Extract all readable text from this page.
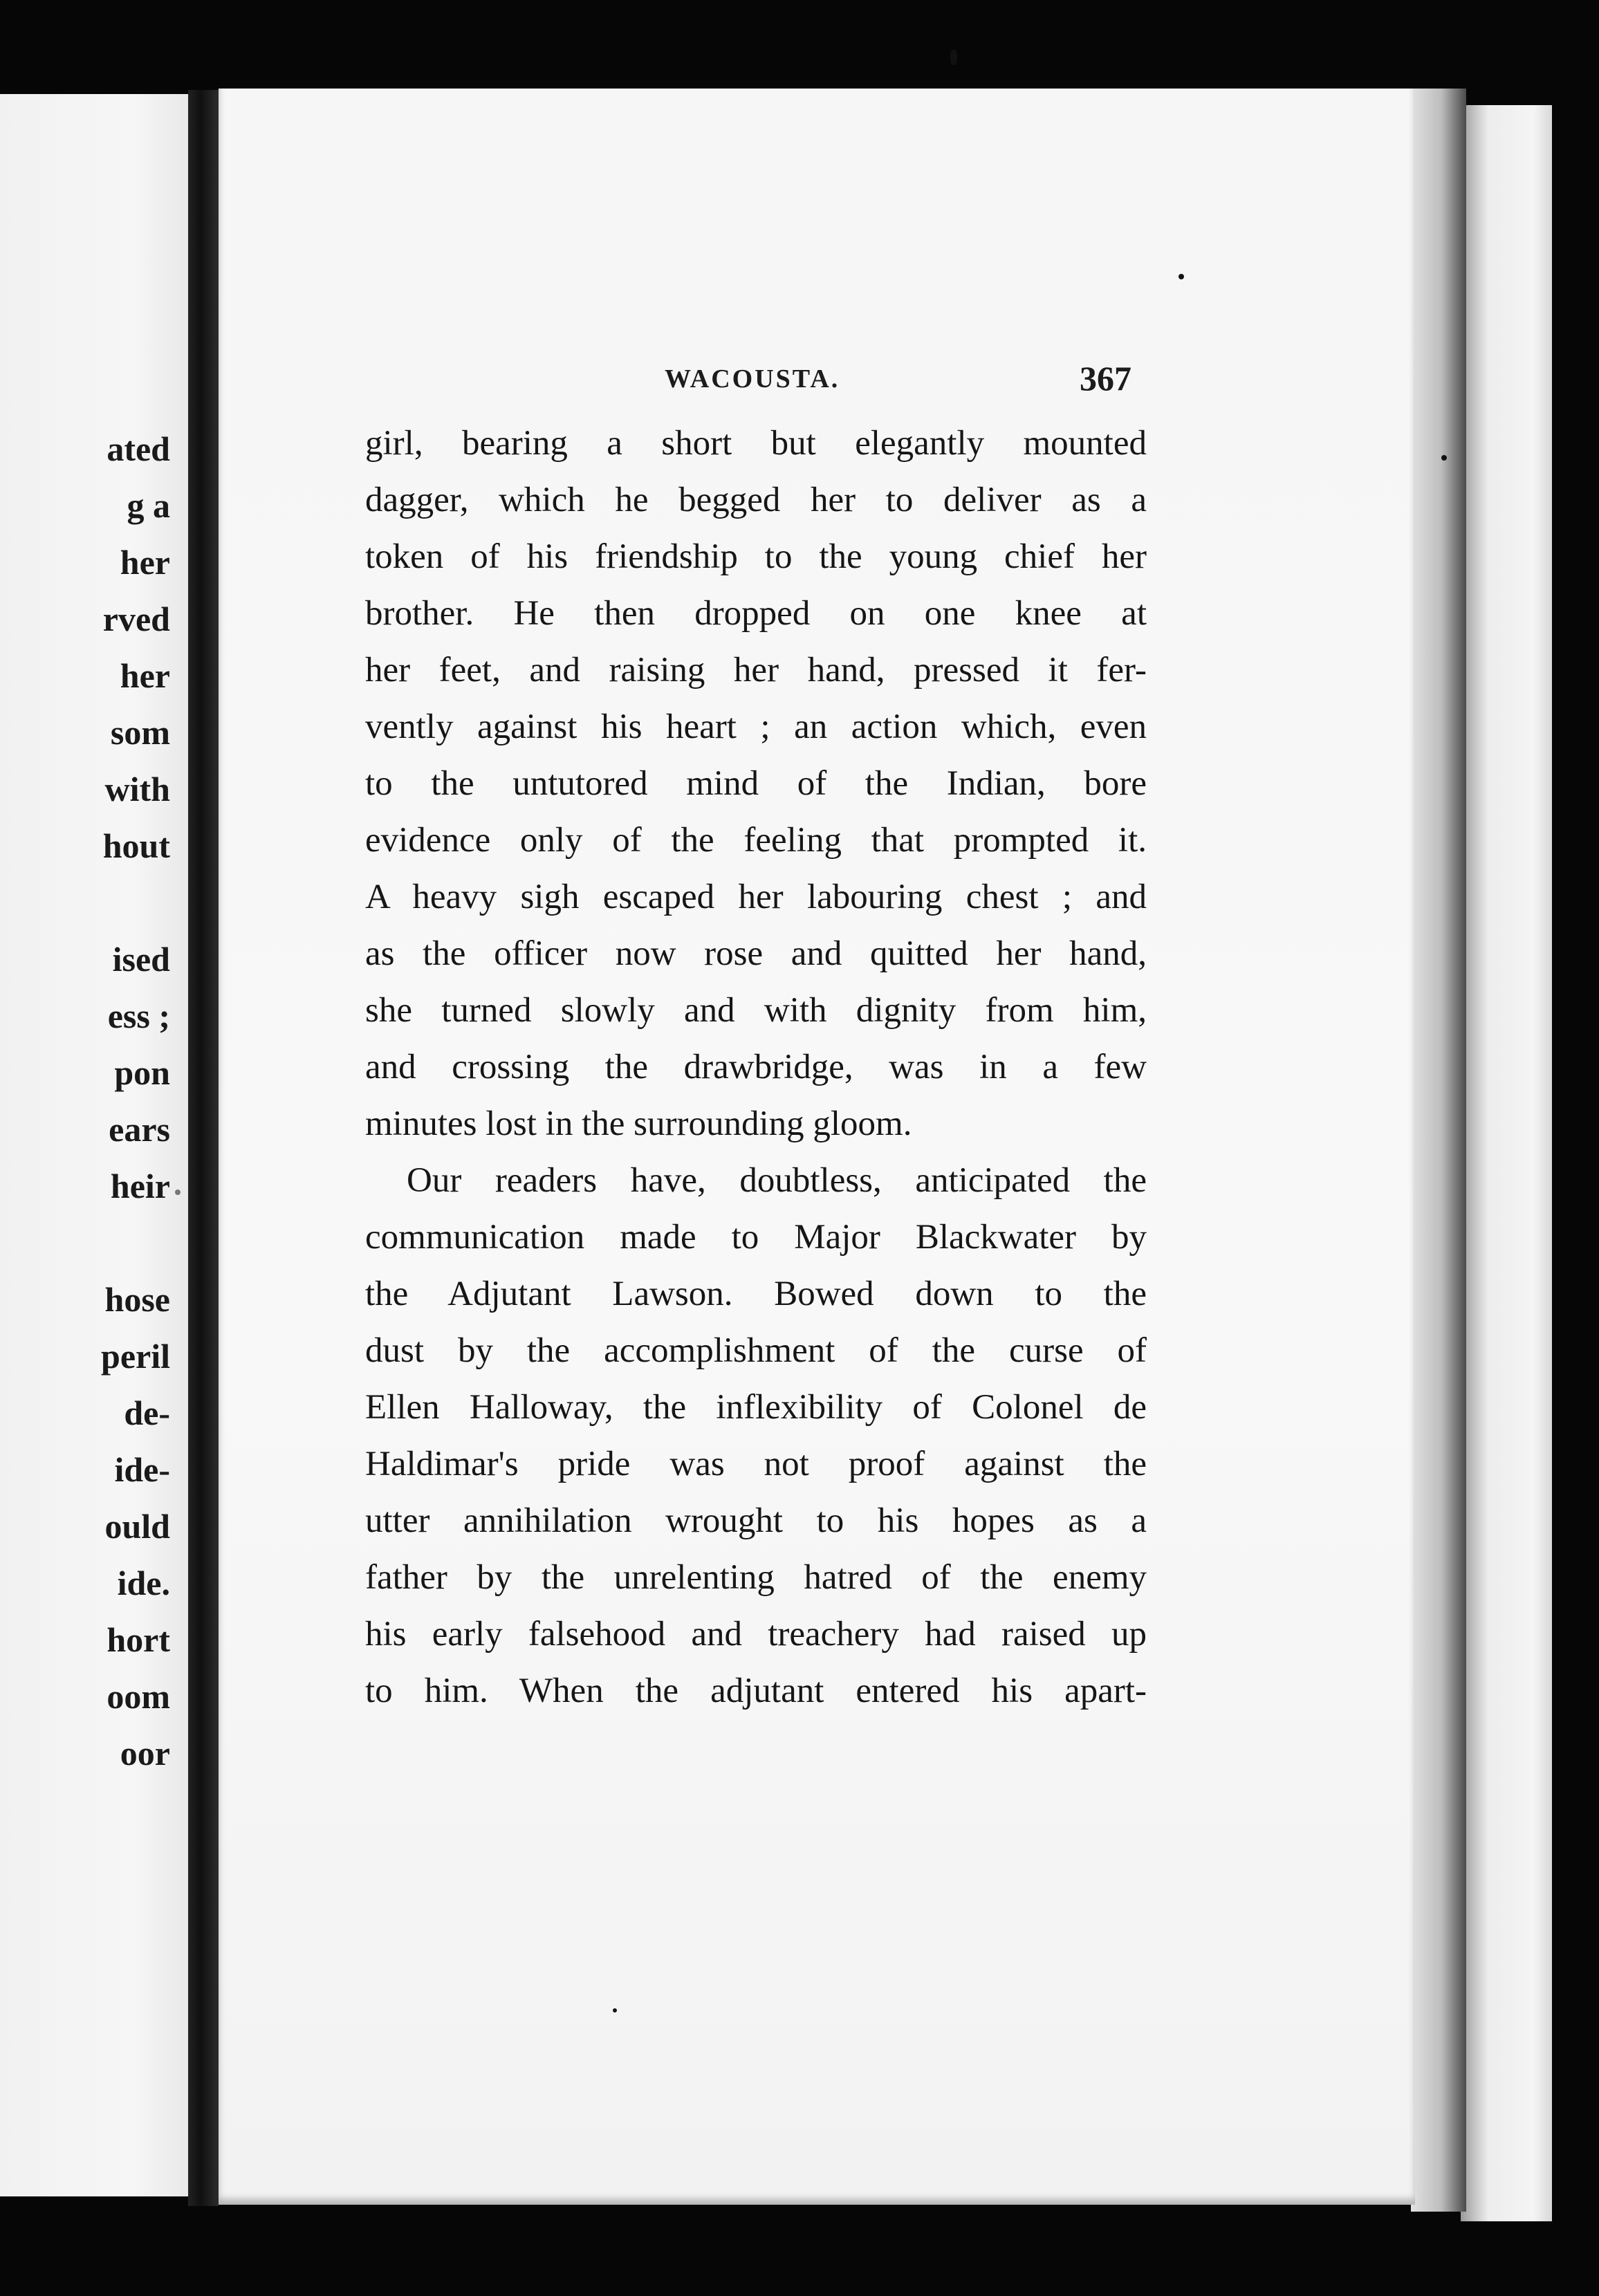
ated
g a
her
rved
her
som
with
hout
ised
ess ;
pon
ears
heir
hose
peril
de-
ide-
ould
ide.
hort
oom
oor
WACOUSTA.	367
girl, bearing a short but elegantly mounted
dagger, which he begged her to deliver as a
token of his friendship to the young chief her
brother. He then dropped on one knee at
her feet, and raising her hand, pressed it fer-
vently against his heart ; an action which, even
to the untutored mind of the Indian, bore
evidence only of the feeling that prompted it.
A heavy sigh escaped her labouring chest ; and
as the officer now rose and quitted her hand,
she turned slowly and with dignity from him,
and crossing the drawbridge, was in a few
minutes lost in the surrounding gloom.
Our readers have, doubtless, anticipated the
communication made to Major Blackwater by
the Adjutant Lawson. Bowed down to the
dust by the accomplishment of the curse of
Ellen Halloway, the inflexibility of Colonel de
Haldimar's pride was not proof against the
utter annihilation wrought to his hopes as a
father by the unrelenting hatred of the enemy
his early falsehood and treachery had raised up
to him. When the adjutant entered his apart-
